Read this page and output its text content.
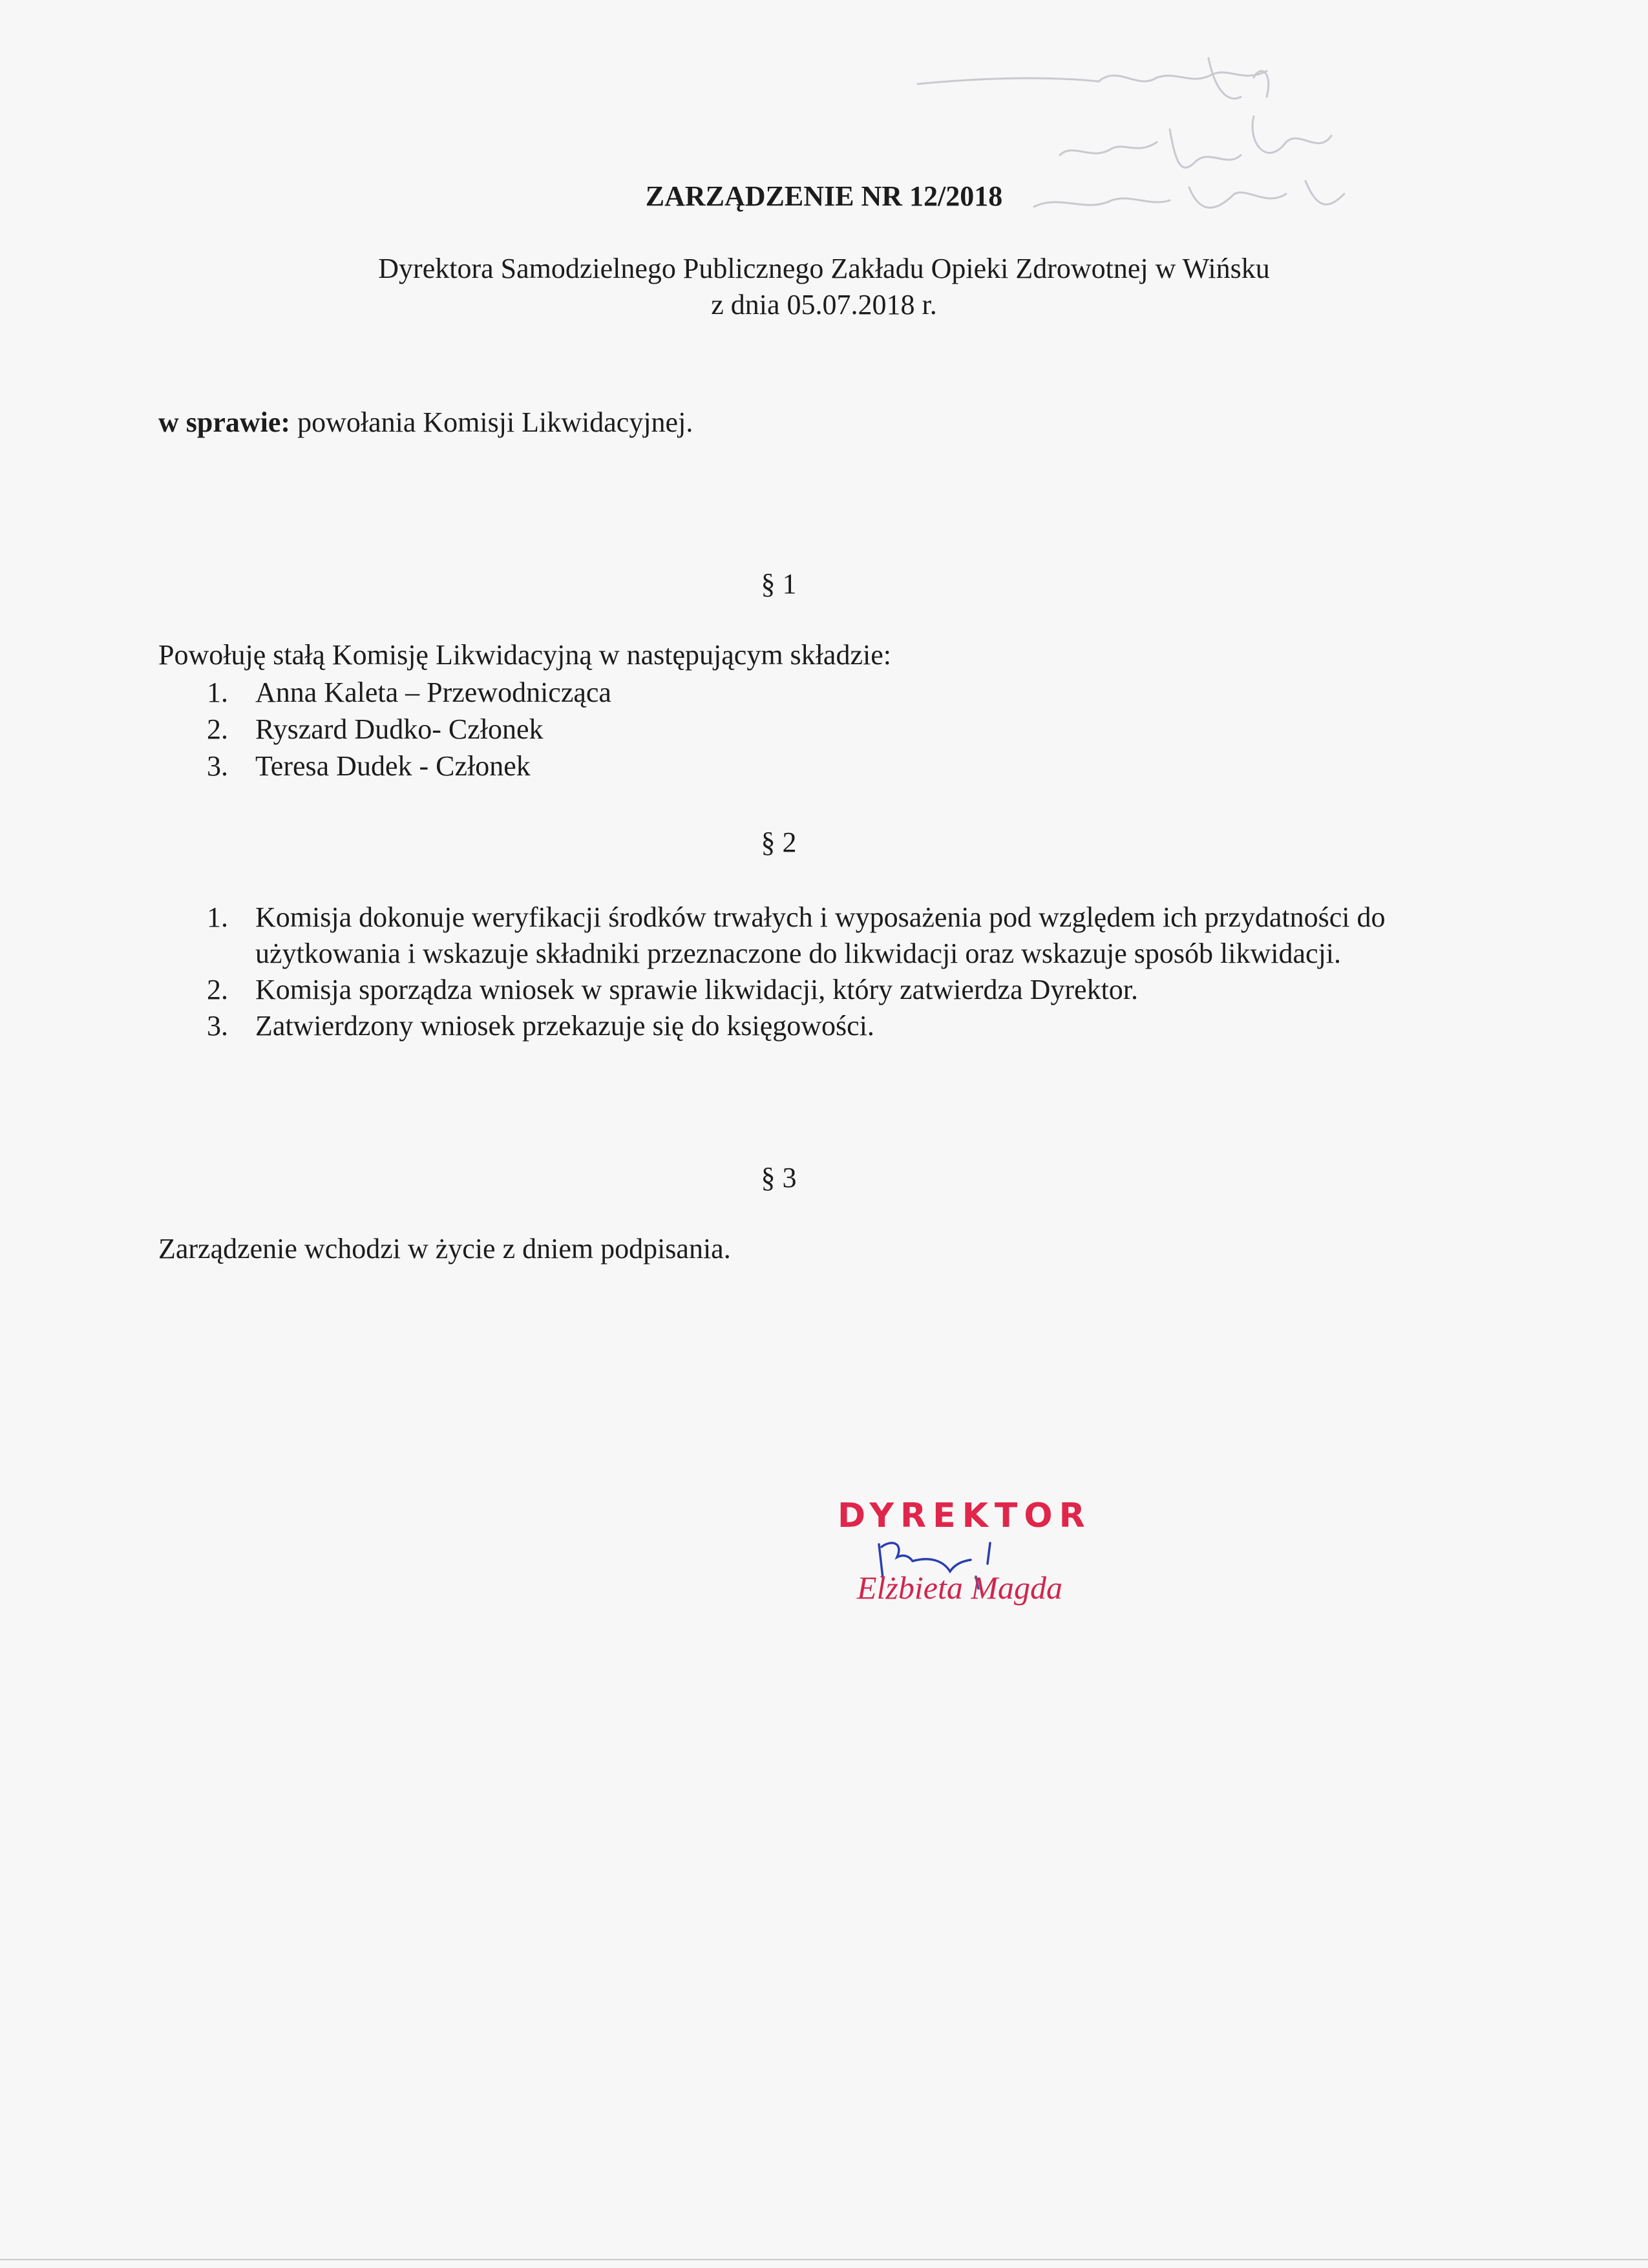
ZARZĄDZENIE NR 12/2018
Dyrektora Samodzielnego Publicznego Zakładu Opieki Zdrowotnej w Wińsku
z dnia 05.07.2018 r.
w sprawie: powołania Komisji Likwidacyjnej.
§ 1
Powołuję stałą Komisję Likwidacyjną w następującym składzie:
1. Anna Kaleta – Przewodnicząca
2. Ryszard Dudko- Członek
3. Teresa Dudek - Członek
§ 2
1. Komisja dokonuje weryfikacji środków trwałych i wyposażenia pod względem ich przydatności do użytkowania i wskazuje składniki przeznaczone do likwidacji oraz wskazuje sposób likwidacji.
2. Komisja sporządza wniosek w sprawie likwidacji, który zatwierdza Dyrektor.
3. Zatwierdzony wniosek przekazuje się do księgowości.
§ 3
Zarządzenie wchodzi w życie z dniem podpisania.
DYREKTOR
Elżbieta Magda
